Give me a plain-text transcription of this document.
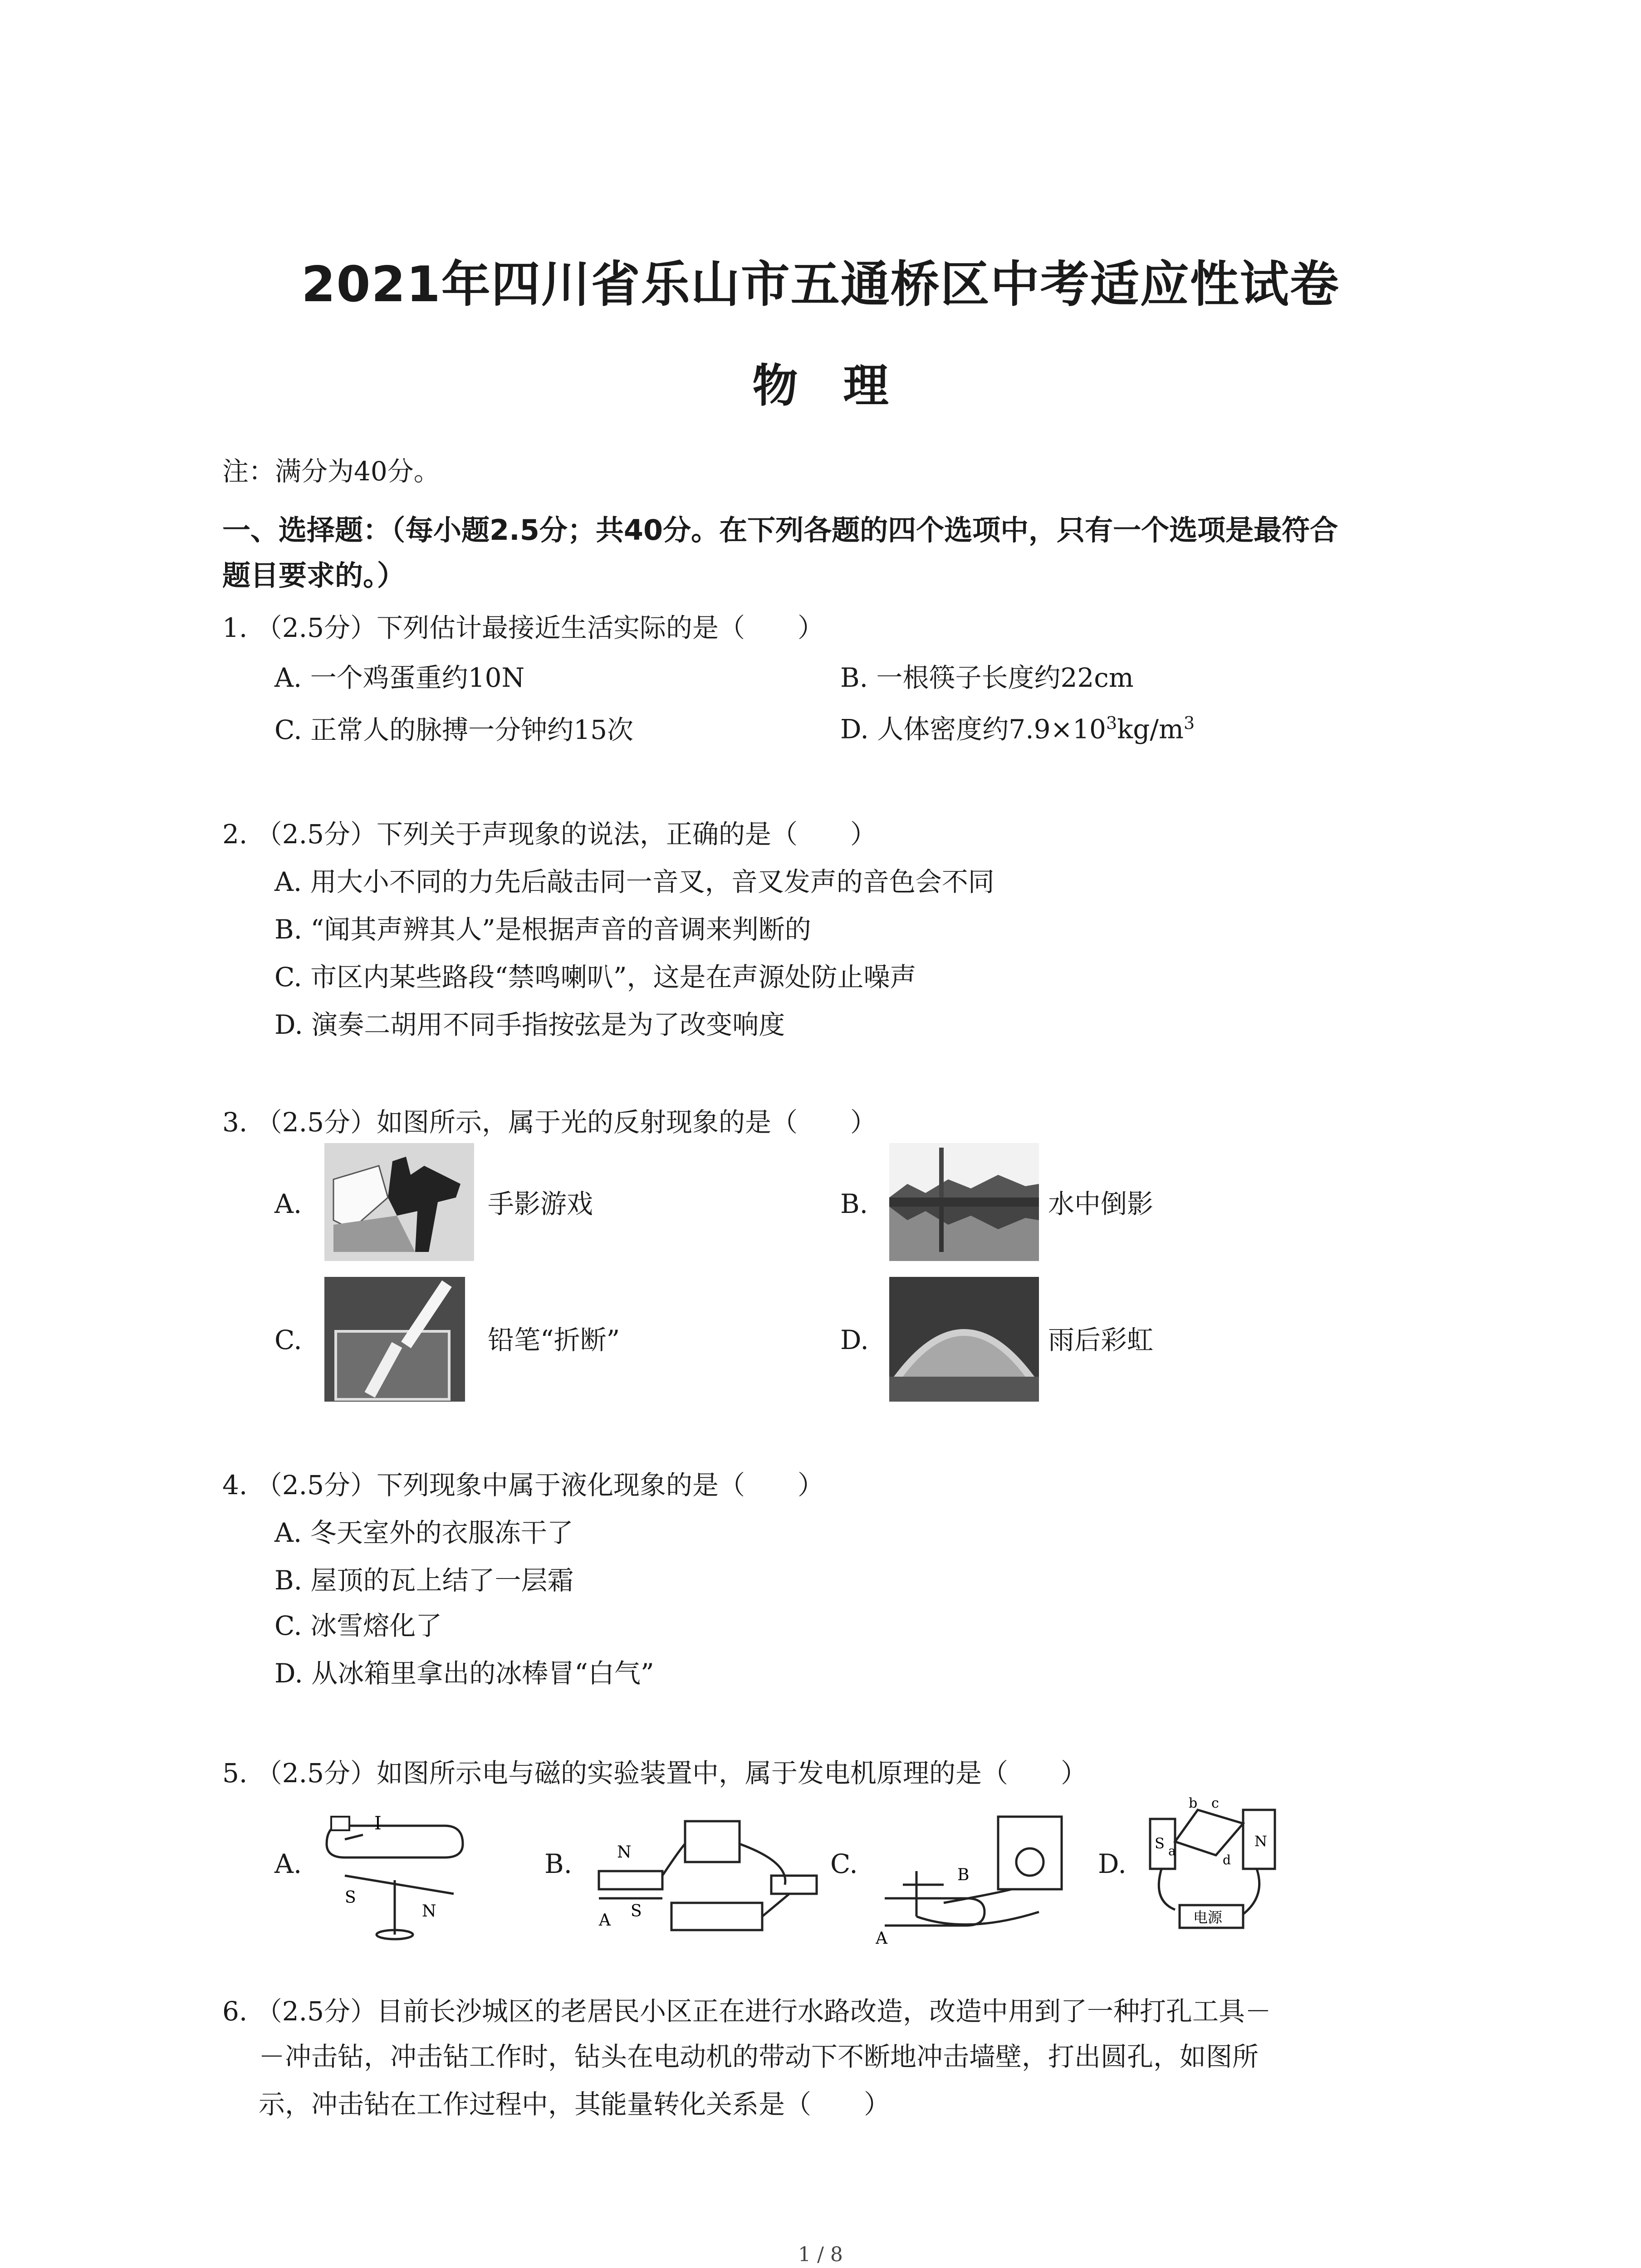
2021年四川省乐山市五通桥区中考适应性试卷
物　理
注：满分为40分。
一、选择题：（每小题2.5分；共40分。在下列各题的四个选项中，只有一个选项是最符合
题目要求的。）
1. （2.5分）下列估计最接近生活实际的是（　　）
A. 一个鸡蛋重约10N	B. 一根筷子长度约22cm
C. 正常人的脉搏一分钟约15次	D. 人体密度约$7.9\times 10^3kg/m^3$
2. （2.5分）下列关于声现象的说法，正确的是（　　）
A. 用大小不同的力先后敲击同一音叉，音叉发声的音色会不同
B. “闻其声辨其人”是根据声音的音调来判断的
C. 市区内某些路段“禁鸣喇叭”，这是在声源处防止噪声
D. 演奏二胡用不同手指按弦是为了改变响度
3. （2.5分）如图所示，属于光的反射现象的是（　　）
A.	手影游戏	B.	水中倒影
C.	铅笔“折断”	D.	雨后彩虹
4. （2.5分）下列现象中属于液化现象的是（　　）
A. 冬天室外的衣服冻干了
B. 屋顶的瓦上结了一层霜
C. 冰雪熔化了
D. 从冰箱里拿出的冰棒冒“白气”
5. （2.5分）如图所示电与磁的实验装置中，属于发电机原理的是（　　）
A.
I
S
N
B.	N
A S
C.	B
A
D.
b c
S a
d
N
电源
6. （2.5分）目前长沙城区的老居民小区正在进行水路改造，改造中用到了一种打孔工具－
－冲击钻，冲击钻工作时，钻头在电动机的带动下不断地冲击墙壁，打出圆孔，如图所
示，冲击钻在工作过程中，其能量转化关系是（　　）
1 / 8
